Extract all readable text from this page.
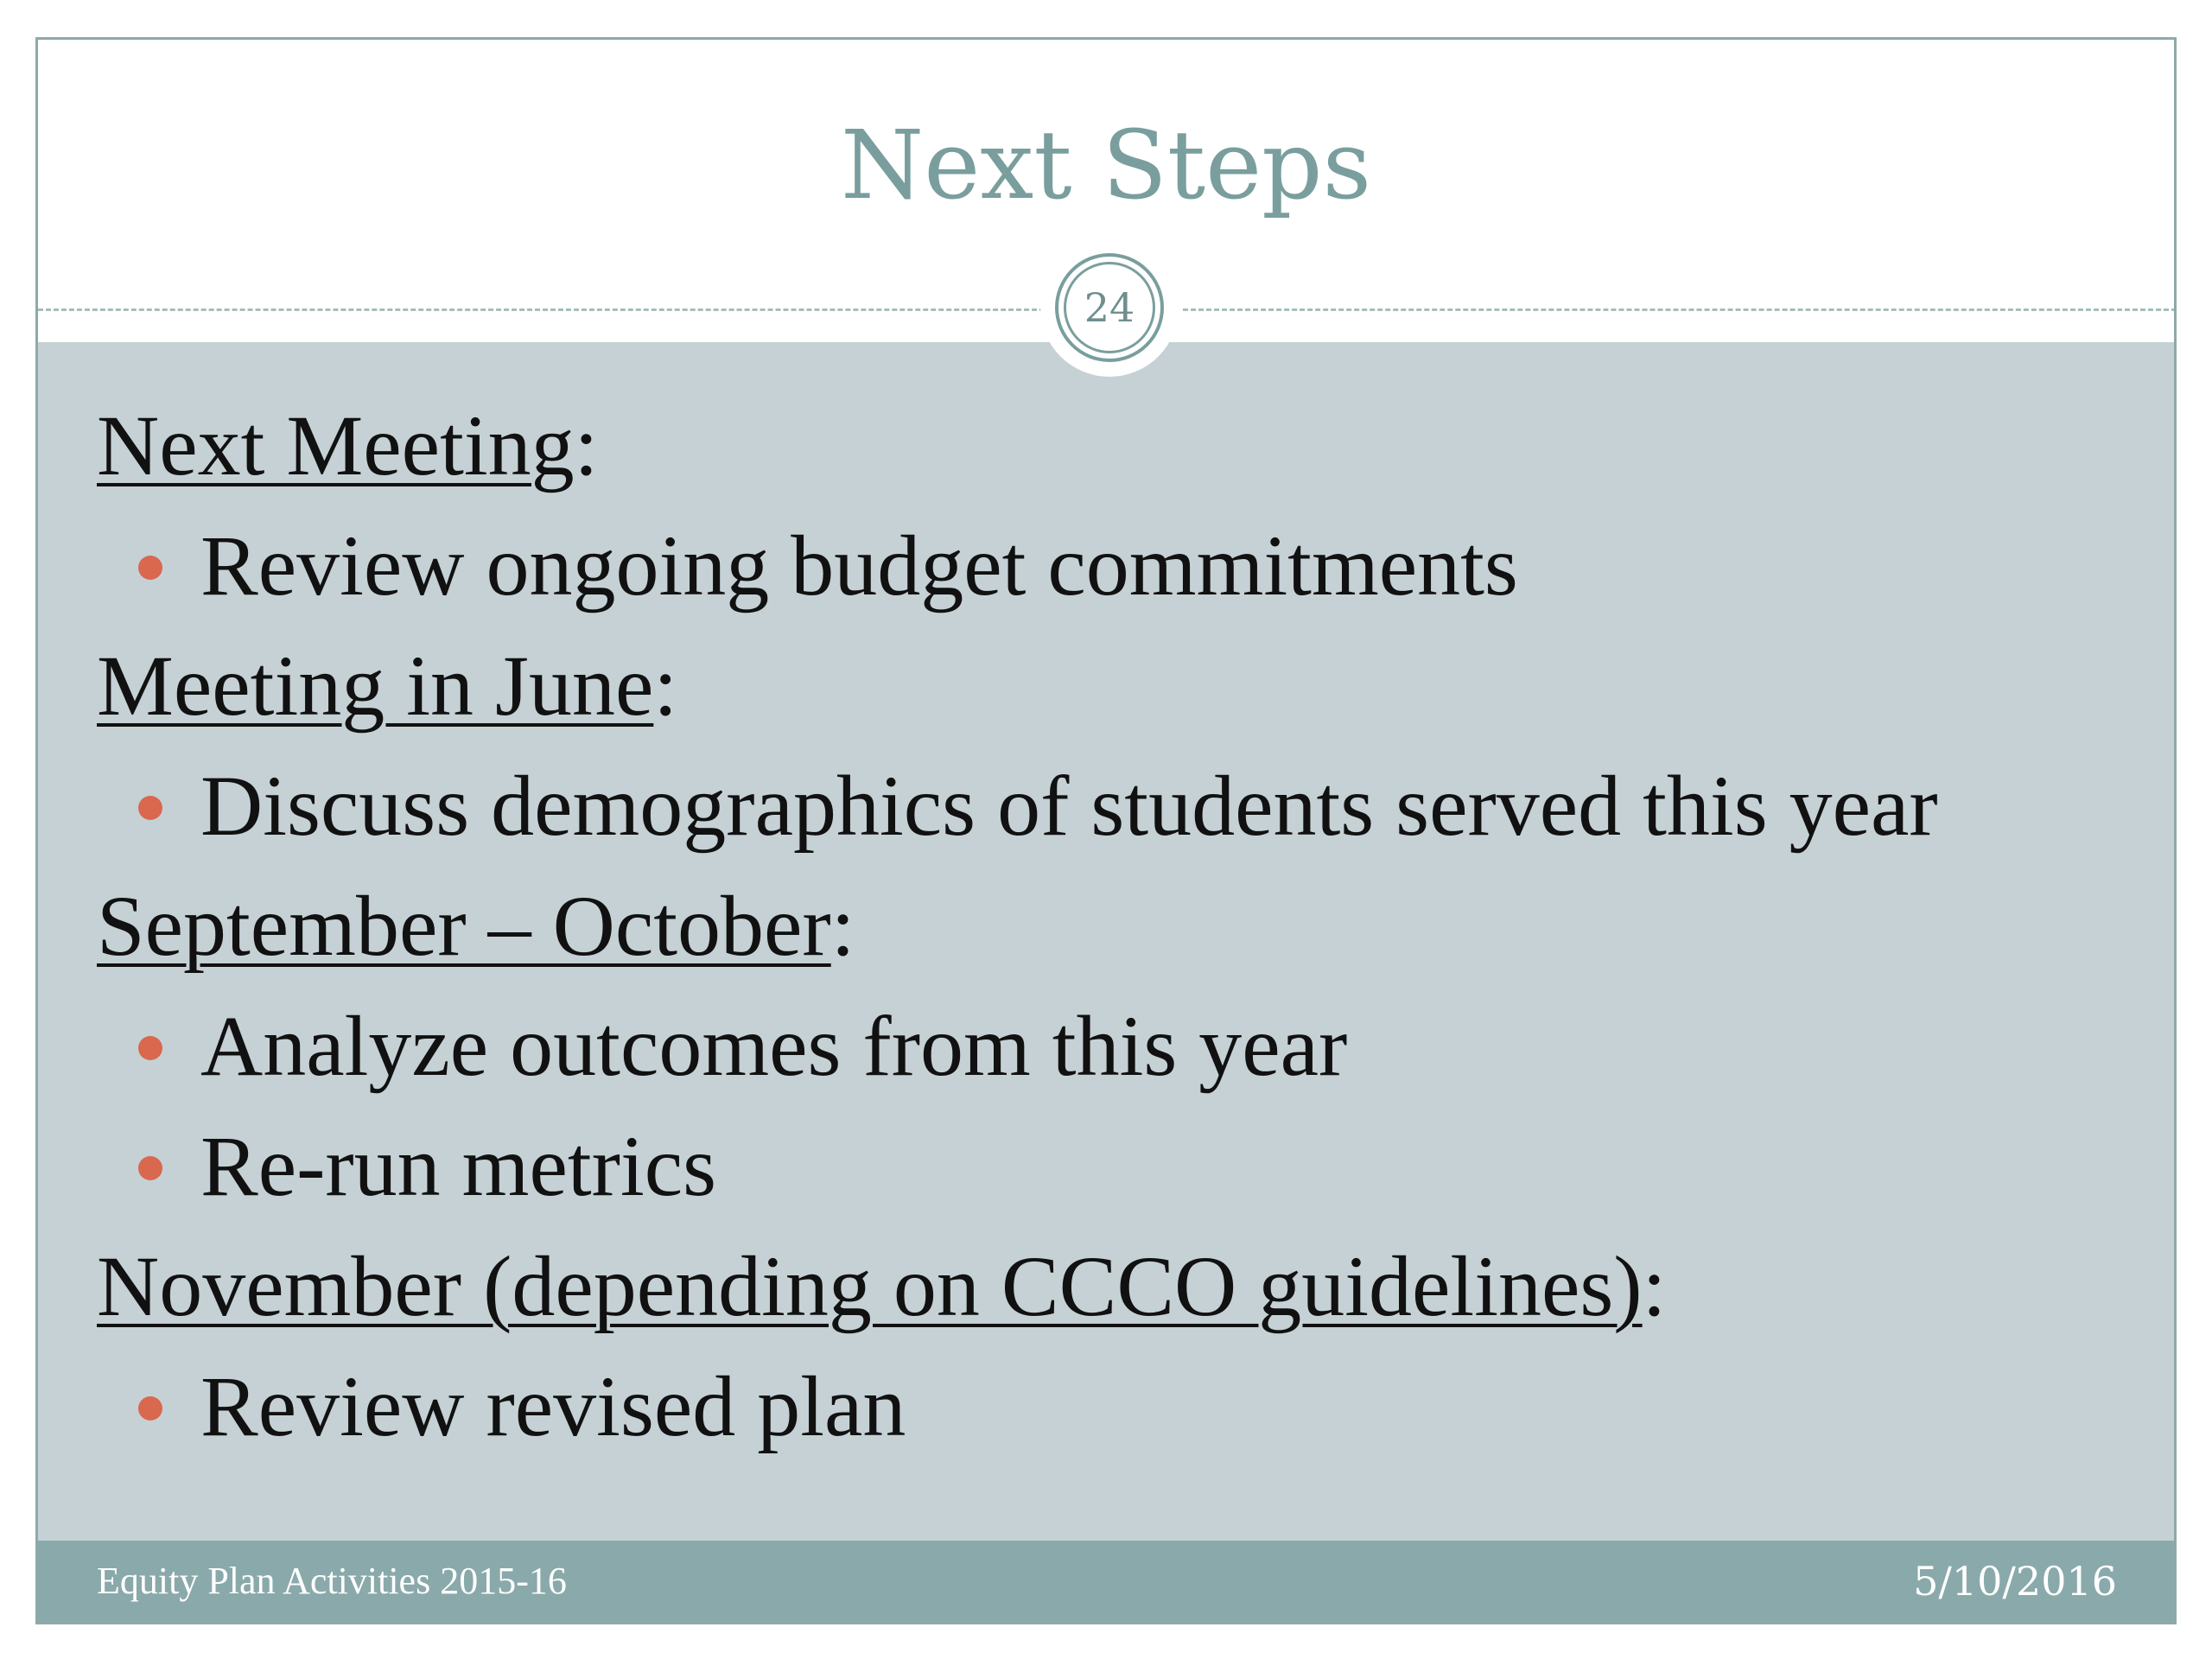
Next Steps
24
Next Meeting:
Review ongoing budget commitments
Meeting in June:
Discuss demographics of students served this year
September – October:
Analyze outcomes from this year
Re-run metrics
November (depending on CCCO guidelines):
Review revised plan
Equity Plan Activities 2015-16	5/10/2016
